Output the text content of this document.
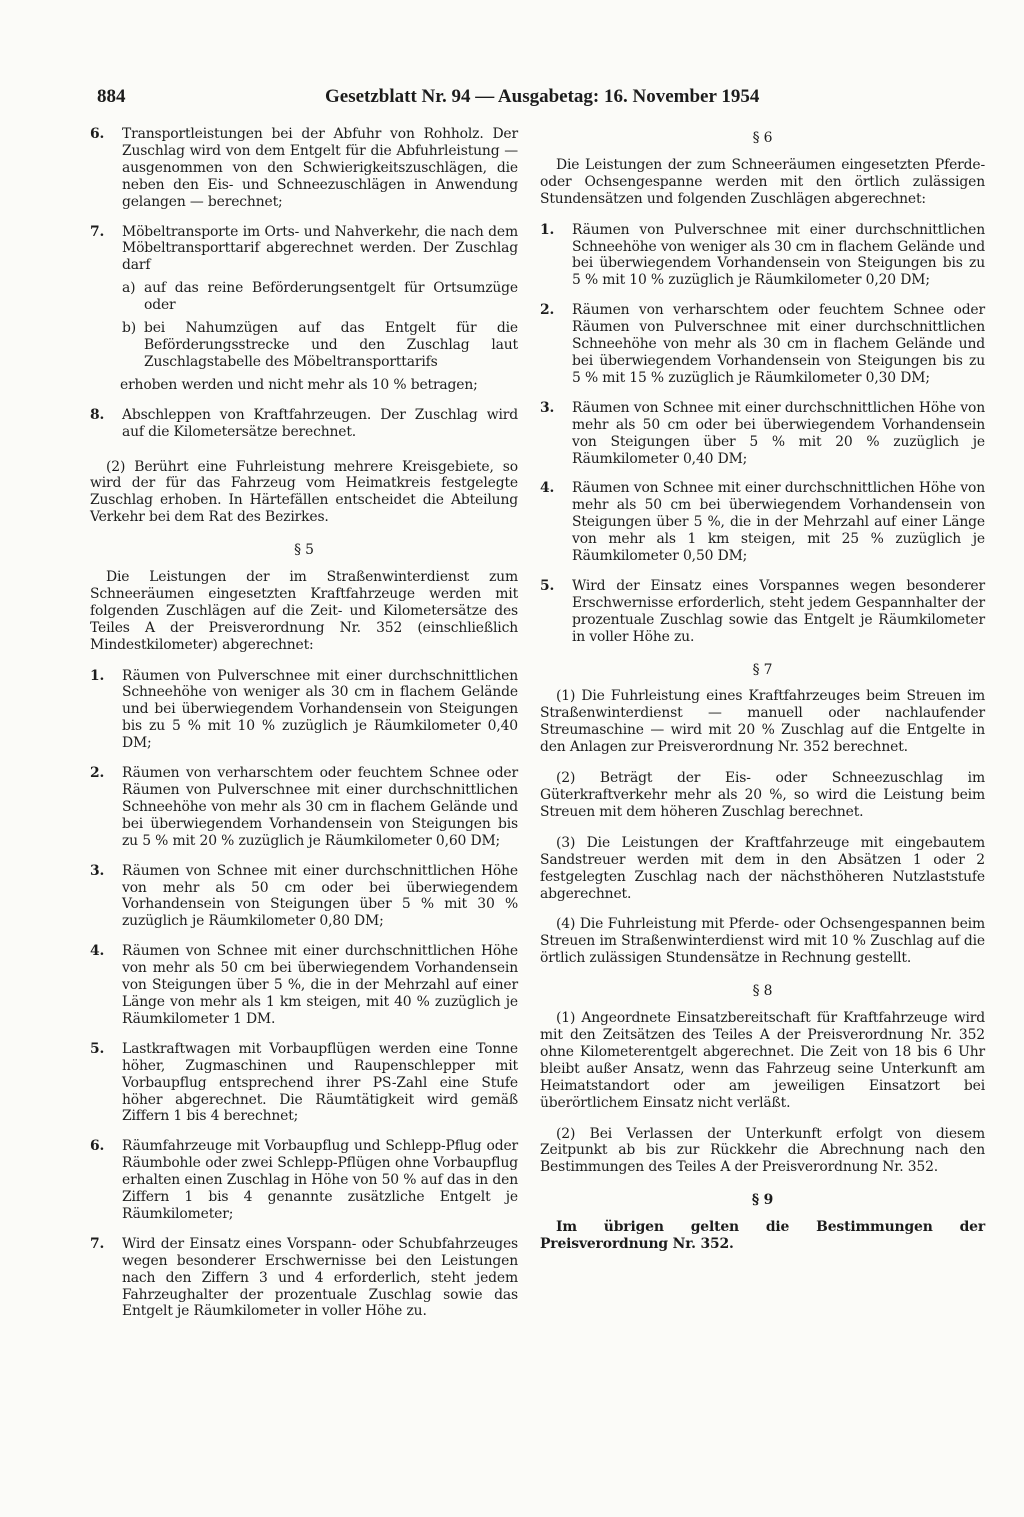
884	Gesetzblatt Nr. 94 — Ausgabetag: 16. November 1954
6. Transportleistungen bei der Abfuhr von Rohholz. Der Zuschlag wird von dem Entgelt für die Abfuhrleistung — ausgenommen von den Schwierigkeitszuschlägen, die neben den Eis- und Schneezuschlägen in Anwendung gelangen — berechnet;
7. Möbeltransporte im Orts- und Nahverkehr, die nach dem Möbeltransporttarif abgerechnet werden. Der Zuschlag darf
a) auf das reine Beförderungsentgelt für Ortsumzüge oder
b) bei Nahumzügen auf das Entgelt für die Beförderungsstrecke und den Zuschlag laut Zuschlagstabelle des Möbeltransporttarifs
erhoben werden und nicht mehr als 10 % betragen;
8. Abschleppen von Kraftfahrzeugen. Der Zuschlag wird auf die Kilometersätze berechnet.

(2) Berührt eine Fuhrleistung mehrere Kreisgebiete, so wird der für das Fahrzeug vom Heimatkreis festgelegte Zuschlag erhoben. In Härtefällen entscheidet die Abteilung Verkehr bei dem Rat des Bezirkes.

§ 5

Die Leistungen der im Straßenwinterdienst zum Schneeräumen eingesetzten Kraftfahrzeuge werden mit folgenden Zuschlägen auf die Zeit- und Kilometersätze des Teiles A der Preisverordnung Nr. 352 (einschließlich Mindestkilometer) abgerechnet:

1. Räumen von Pulverschnee mit einer durchschnittlichen Schneehöhe von weniger als 30 cm in flachem Gelände und bei überwiegendem Vorhandensein von Steigungen bis zu 5 % mit 10 % zuzüglich je Räumkilometer 0,40 DM;
2. Räumen von verharschtem oder feuchtem Schnee oder Räumen von Pulverschnee mit einer durchschnittlichen Schneehöhe von mehr als 30 cm in flachem Gelände und bei überwiegendem Vorhandensein von Steigungen bis zu 5 % mit 20 % zuzüglich je Räumkilometer 0,60 DM;
3. Räumen von Schnee mit einer durchschnittlichen Höhe von mehr als 50 cm oder bei überwiegendem Vorhandensein von Steigungen über 5 % mit 30 % zuzüglich je Räumkilometer 0,80 DM;
4. Räumen von Schnee mit einer durchschnittlichen Höhe von mehr als 50 cm bei überwiegendem Vorhandensein von Steigungen über 5 %, die in der Mehrzahl auf einer Länge von mehr als 1 km steigen, mit 40 % zuzüglich je Räumkilometer 1 DM.
5. Lastkraftwagen mit Vorbaupflügen werden eine Tonne höher, Zugmaschinen und Raupenschlepper mit Vorbaupflug entsprechend ihrer PS-Zahl eine Stufe höher abgerechnet. Die Räumtätigkeit wird gemäß Ziffern 1 bis 4 berechnet;
6. Räumfahrzeuge mit Vorbaupflug und Schlepp-Pflug oder Räumbohle oder zwei Schlepp-Pflügen ohne Vorbaupflug erhalten einen Zuschlag in Höhe von 50 % auf das in den Ziffern 1 bis 4 genannte zusätzliche Entgelt je Räumkilometer;
7. Wird der Einsatz eines Vorspann- oder Schubfahrzeuges wegen besonderer Erschwernisse bei den Leistungen nach den Ziffern 3 und 4 erforderlich, steht jedem Fahrzeughalter der prozentuale Zuschlag sowie das Entgelt je Räumkilometer in voller Höhe zu.
§ 6

Die Leistungen der zum Schneeräumen eingesetzten Pferde- oder Ochsengespanne werden mit den örtlich zulässigen Stundensätzen und folgenden Zuschlägen abgerechnet:

1. Räumen von Pulverschnee mit einer durchschnittlichen Schneehöhe von weniger als 30 cm in flachem Gelände und bei überwiegendem Vorhandensein von Steigungen bis zu 5 % mit 10 % zuzüglich je Räumkilometer 0,20 DM;
2. Räumen von verharschtem oder feuchtem Schnee oder Räumen von Pulverschnee mit einer durchschnittlichen Schneehöhe von mehr als 30 cm in flachem Gelände und bei überwiegendem Vorhandensein von Steigungen bis zu 5 % mit 15 % zuzüglich je Räumkilometer 0,30 DM;
3. Räumen von Schnee mit einer durchschnittlichen Höhe von mehr als 50 cm oder bei überwiegendem Vorhandensein von Steigungen über 5 % mit 20 % zuzüglich je Räumkilometer 0,40 DM;
4. Räumen von Schnee mit einer durchschnittlichen Höhe von mehr als 50 cm bei überwiegendem Vorhandensein von Steigungen über 5 %, die in der Mehrzahl auf einer Länge von mehr als 1 km steigen, mit 25 % zuzüglich je Räumkilometer 0,50 DM;
5. Wird der Einsatz eines Vorspannes wegen besonderer Erschwernisse erforderlich, steht jedem Gespannhalter der prozentuale Zuschlag sowie das Entgelt je Räumkilometer in voller Höhe zu.
§ 7

(1) Die Fuhrleistung eines Kraftfahrzeuges beim Streuen im Straßenwinterdienst — manuell oder nachlaufender Streumaschine — wird mit 20 % Zuschlag auf die Entgelte in den Anlagen zur Preisverordnung Nr. 352 berechnet.

(2) Beträgt der Eis- oder Schneezuschlag im Güterkraftverkehr mehr als 20 %, so wird die Leistung beim Streuen mit dem höheren Zuschlag berechnet.

(3) Die Leistungen der Kraftfahrzeuge mit eingebautem Sandstreuer werden mit dem in den Absätzen 1 oder 2 festgelegten Zuschlag nach der nächsthöheren Nutzlaststufe abgerechnet.

(4) Die Fuhrleistung mit Pferde- oder Ochsengespannen beim Streuen im Straßenwinterdienst wird mit 10 % Zuschlag auf die örtlich zulässigen Stundensätze in Rechnung gestellt.

§ 8

(1) Angeordnete Einsatzbereitschaft für Kraftfahrzeuge wird mit den Zeitsätzen des Teiles A der Preisverordnung Nr. 352 ohne Kilometerentgelt abgerechnet. Die Zeit von 18 bis 6 Uhr bleibt außer Ansatz, wenn das Fahrzeug seine Unterkunft am Heimatstandort oder am jeweiligen Einsatzort bei überörtlichem Einsatz nicht verläßt.

(2) Bei Verlassen der Unterkunft erfolgt von diesem Zeitpunkt ab bis zur Rückkehr die Abrechnung nach den Bestimmungen des Teiles A der Preisverordnung Nr. 352.

§ 9

Im übrigen gelten die Bestimmungen der Preisverordnung Nr. 352.
